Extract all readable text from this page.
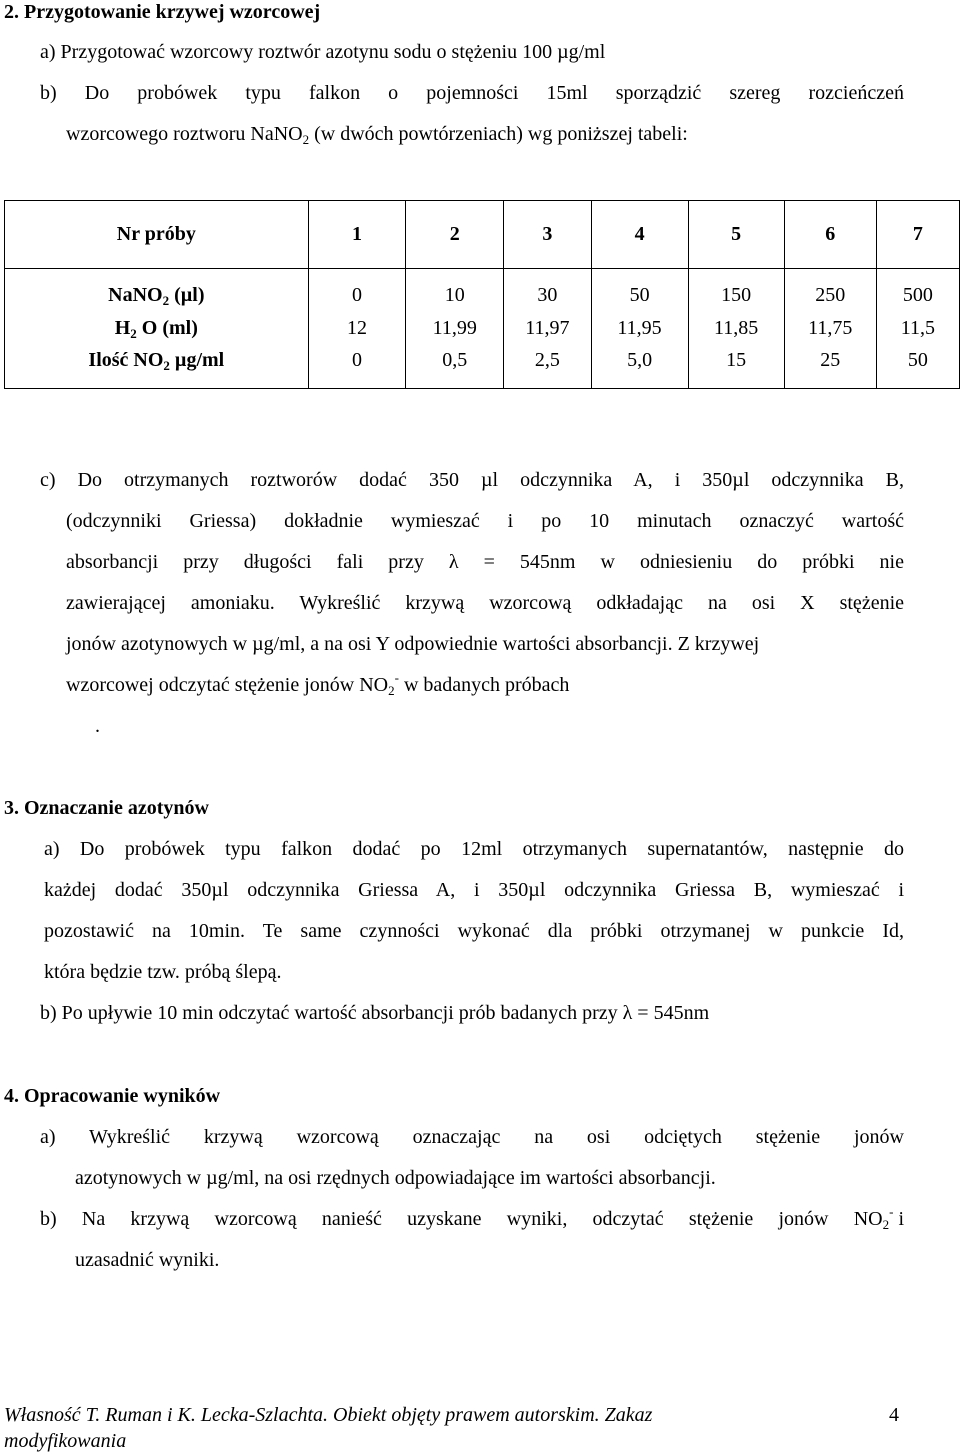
2. Przygotowanie krzywej wzorcowej
a) Przygotować wzorcowy roztwór azotynu sodu o stężeniu 100 µg/ml
b) Do probówek typu falkon o pojemności 15ml sporządzić szereg rozcieńczeń
wzorcowego roztworu NaNO$_2$ (w dwóch powtórzeniach) wg poniższej tabeli:
Nr próby	1	2	3	4	5	6	7
NaNO$_2$ (µl)	0	10	30	50	150	250	500
$H_2$ O (ml)	12	11,99	11,97	11,95	11,85	11,75	11,5
Ilość $NO_2$ µg/ml	0	0,5	2,5	5,0	15	25	50
c) Do otrzymanych roztworów dodać 350 µl odczynnika A, i 350µl odczynnika B,
(odczynniki Griessa) dokładnie wymieszać i po 10 minutach oznaczyć wartość
absorbancji przy długości fali przy λ = 545nm w odniesieniu do próbki nie
zawierającej amoniaku. Wykreślić krzywą wzorcową odkładając na osi X stężenie
jonów azotynowych w µg/ml, a na osi Y odpowiednie wartości absorbancji. Z krzywej
wzorcowej odczytać stężenie jonów $NO_2^-$ w badanych próbach
.
3. Oznaczanie azotynów
a) Do probówek typu falkon dodać po 12ml otrzymanych supernatantów, następnie do
każdej dodać 350µl odczynnika Griessa A, i 350µl odczynnika Griessa B, wymieszać i
pozostawić na 10min. Te same czynności wykonać dla próbki otrzymanej w punkcie Id,
która będzie tzw. próbą ślepą.
b) Po upływie 10 min odczytać wartość absorbancji prób badanych przy λ = 545nm
4. Opracowanie wyników
a) Wykreślić krzywą wzorcową oznaczając na osi odciętych stężenie jonów
azotynowych w µg/ml, na osi rzędnych odpowiadające im wartości absorbancji.
b) Na krzywą wzorcową nanieść uzyskane wyniki, odczytać stężenie jonów NO $_2$- i
uzasadnić wyniki.
Własność T. Ruman i K. Lecka-Szlachta. Obiekt objęty prawem autorskim. Zakaz
modyfikowania
4
